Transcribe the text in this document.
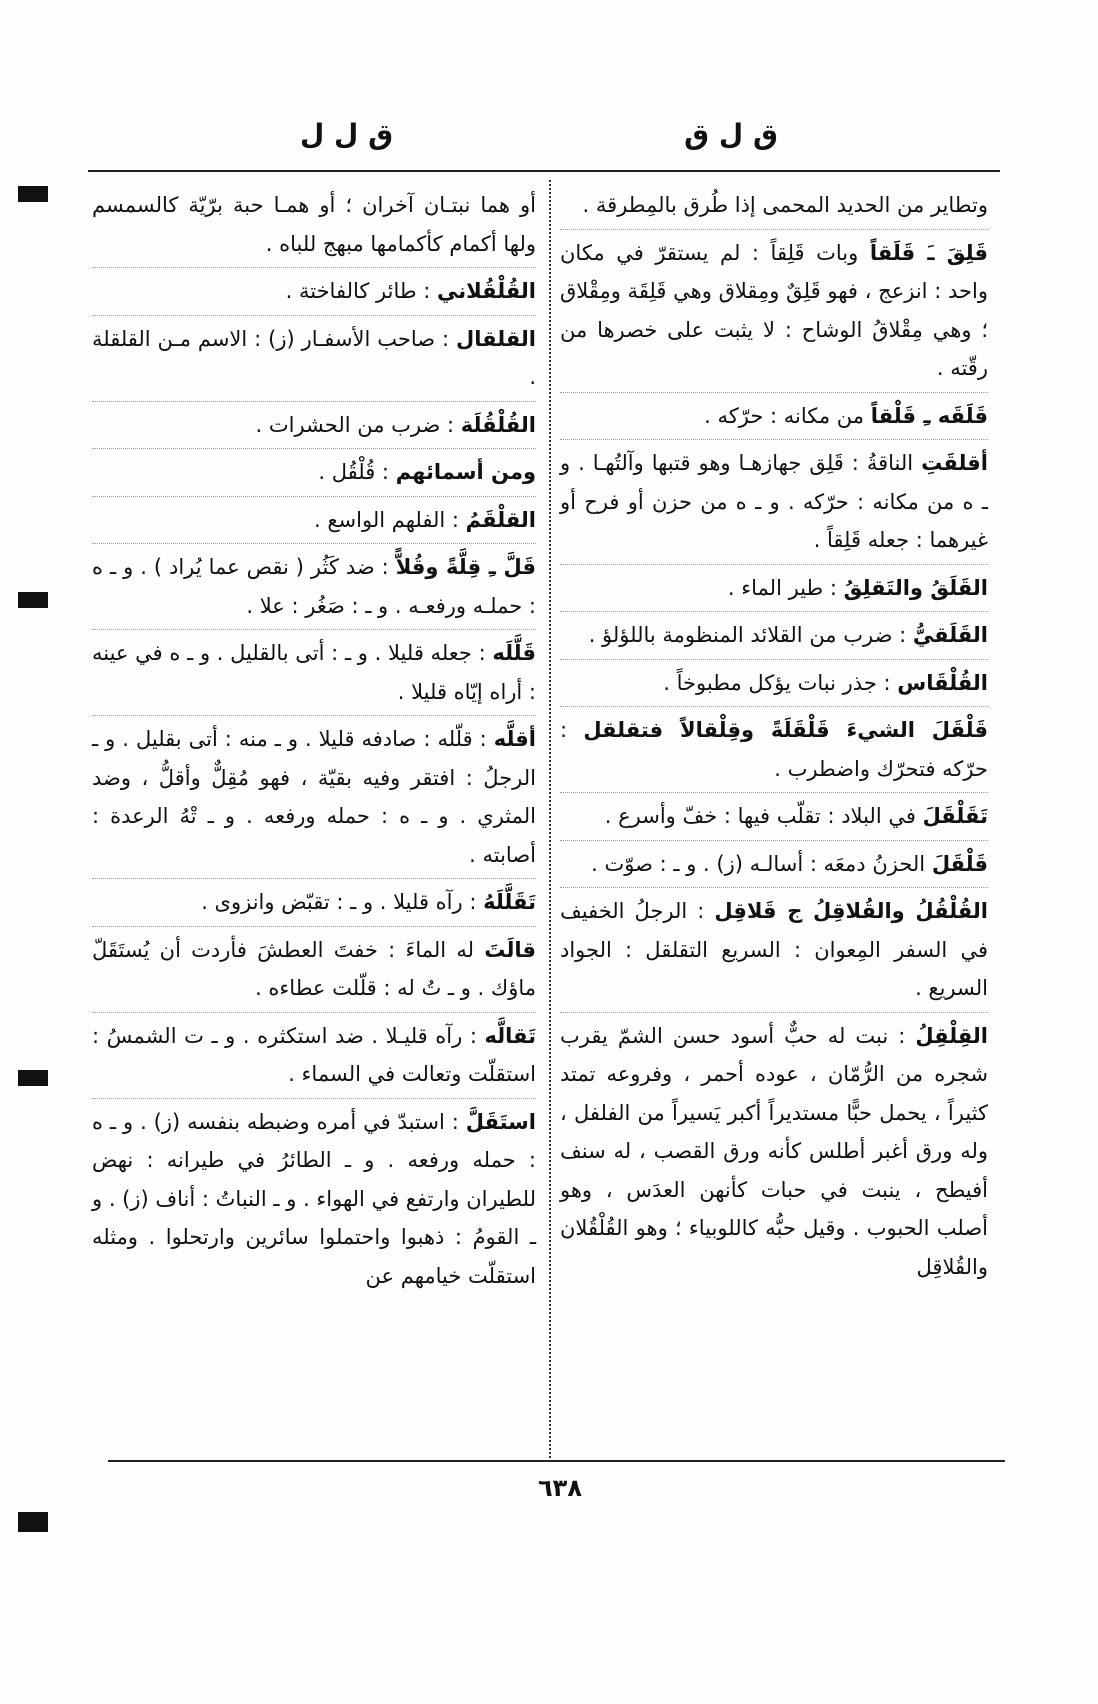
ق ل ق
ق ل ل

وتطاير من الحديد المحمى إذا طُرق بالمِطرقة .

قَلِقَ ـَ قَلَقاً وبات قَلِقاً : لم يستقرّ في مكان واحد : انزعج ، فهو قَلِقٌ ومِقلاق وهي قَلِقَة ومِقْلاق ؛ وهي مِقْلاقُ الوشاح : لا يثبت على خصرها من رقّته .

قَلَقَه ـِ قَلْقاً من مكانه : حرّكه .

أقلقَتِ الناقةُ : قَلِق جهازهـا وهو قتبها وآلتُهـا . و ـ ه من مكانه : حرّكه . و ـ ه من حزن أو فرح أو غيرهما : جعله قَلِقاً .

القَلَقُ والتَقلِقُ : طير الماء .

القَلَقيُّ : ضرب من القلائد المنظومة باللؤلؤ .

القُلْقَاس : جذر نبات يؤكل مطبوخاً .

قَلْقَلَ الشيءَ قَلْقَلَةً وقِلْقالاً فتقلقل : حرّكه فتحرّك واضطرب .

تَقَلْقَلَ في البلاد : تقلّب فيها : خفّ وأسرع .

قَلْقَلَ الحزنُ دمعَه : أسالـه (ز) . و ـ : صوّت .

القُلْقُلُ والقُلاقِلُ ج قَلاقِل : الرجلُ الخفيف في السفر المِعوان : السريع التقلقل : الجواد السريع .

القِلْقِلُ : نبت له حبٌّ أسود حسن الشمّ يقرب شجره من الرُّمّان ، عوده أحمر ، وفروعه تمتد كثيراً ، يحمل حبًّا مستديراً أكبر يَسيراً من الفلفل ، وله ورق أغبر أطلس كأنه ورق القصب ، له سنف أفيطح ، ينبت في حبات كأنهن العدَس ، وهو أصلب الحبوب . وقيل حبُّه كاللوبياء ؛ وهو القُلْقُلان والقُلاقِل

أو هما نبتـان آخران ؛ أو همـا حبة برّيّة كالسمسم ولها أكمام كأكمامها مبهج للباه .

القُلْقُلاني : طائر كالفاختة .

القلقال : صاحب الأسفـار (ز) : الاسم مـن القلقلة .

القُلْقُلَة : ضرب من الحشرات .

ومن أسمائهم : قُلْقُل .

القلْقَمُ : الفلهم الواسع .

قَلَّ ـِ قِلَّةً وقُلاًّ : ضد كَثُر ( نقص عما يُراد ) . و ـ ه : حملـه ورفعـه . و ـ : صَغُر : علا .

قَلَّلَه : جعله قليلا . و ـ : أتى بالقليل . و ـ ه في عينه : أراه إيّاه قليلا .

أقلَّه : قلّله : صادفه قليلا . و ـ منه : أتى بقليل . و ـ الرجلُ : افتقر وفيه بقيّة ، فهو مُقِلٌّ وأقلُّ ، وضد المثري . و ـ ه : حمله ورفعه . و ـ تْهُ الرعدة : أصابته .

تَقَلَّلَهُ : رآه قليلا . و ـ : تقبّض وانزوى .

قالَتَ له الماءَ : خفتَ العطشَ فأردت أن يُستَقَلّ ماؤك . و ـ تُ له : قلّلت عطاءه .

تَقالَّه : رآه قليـلا . ضد استكثره . و ـ ت الشمسُ : استقلّت وتعالت في السماء .

استَقَلَّ : استبدّ في أمره وضبطه بنفسه (ز) . و ـ ه : حمله ورفعه . و ـ الطائرُ في طيرانه : نهض للطيران وارتفع في الهواء . و ـ النباتُ : أناف (ز) . و ـ القومُ : ذهبوا واحتملوا سائرين وارتحلوا . ومثله استقلّت خيامهم عن

٦٣٨
